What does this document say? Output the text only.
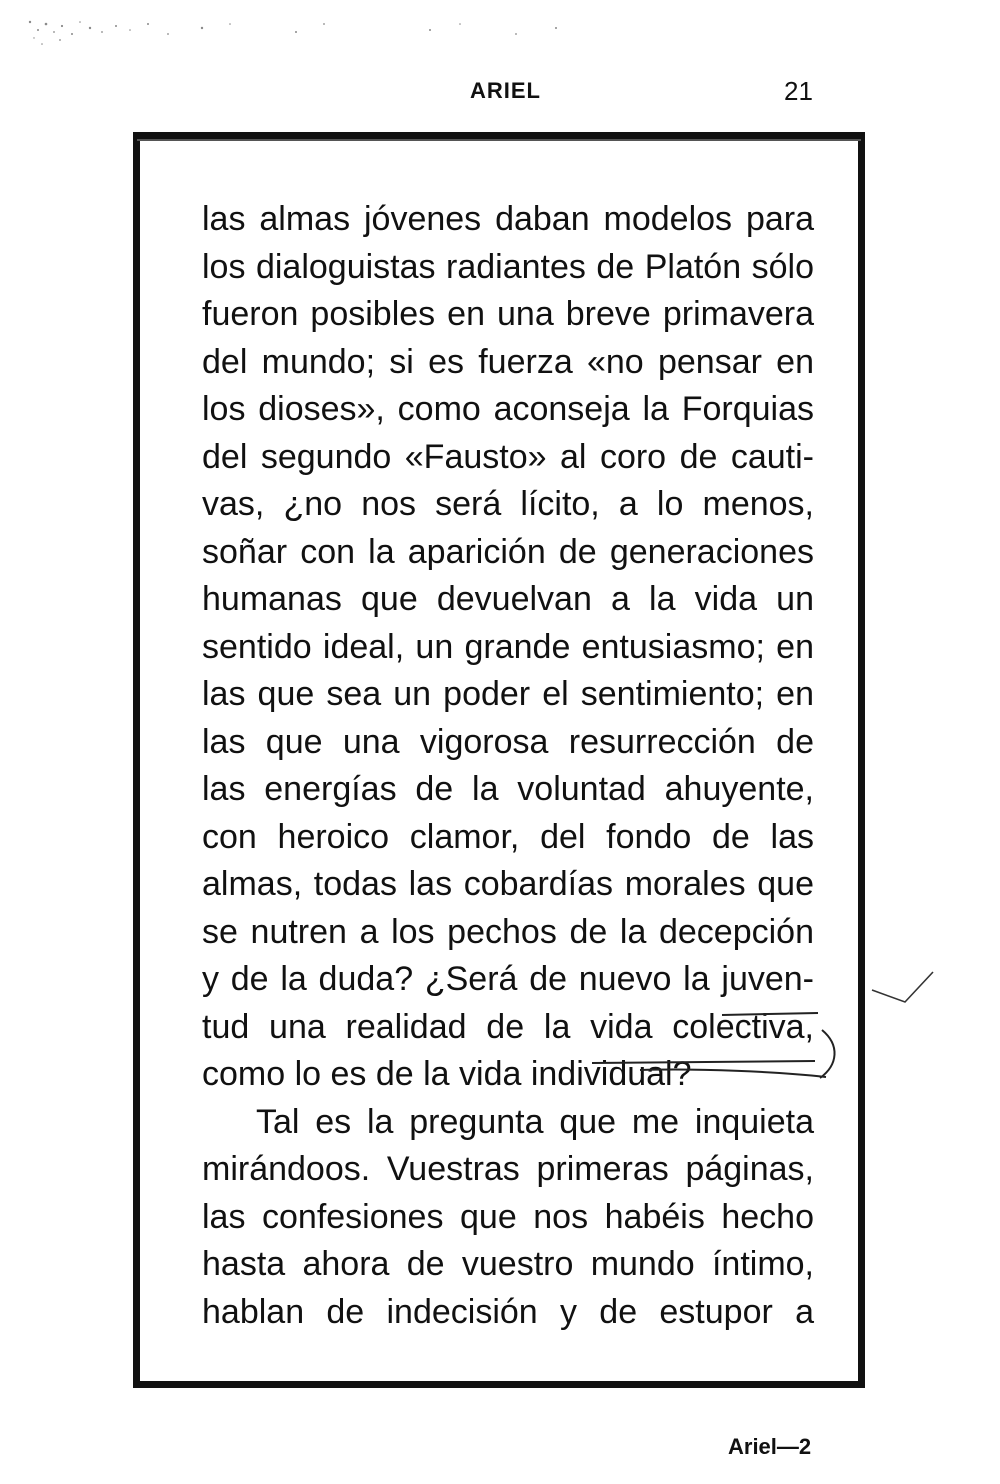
ARIEL	21
las almas jóvenes daban modelos para
los dialoguistas radiantes de Platón sólo
fueron posibles en una breve primavera
del mundo; si es fuerza «no pensar en
los dioses», como aconseja la Forquias
del segundo «Fausto» al coro de cauti-
vas, ¿no nos será lícito, a lo menos,
soñar con la aparición de generaciones
humanas que devuelvan a la vida un
sentido ideal, un grande entusiasmo; en
las que sea un poder el sentimiento; en
las que una vigorosa resurrección de
las energías de la voluntad ahuyente,
con heroico clamor, del fondo de las
almas, todas las cobardías morales que
se nutren a los pechos de la decepción
y de la duda? ¿Será de nuevo la juven-
tud una realidad de la vida colectiva,
como lo es de la vida individual?
Tal es la pregunta que me inquieta
mirándoos. Vuestras primeras páginas,
las confesiones que nos habéis hecho
hasta ahora de vuestro mundo íntimo,
hablan de indecisión y de estupor a
Ariel—2
